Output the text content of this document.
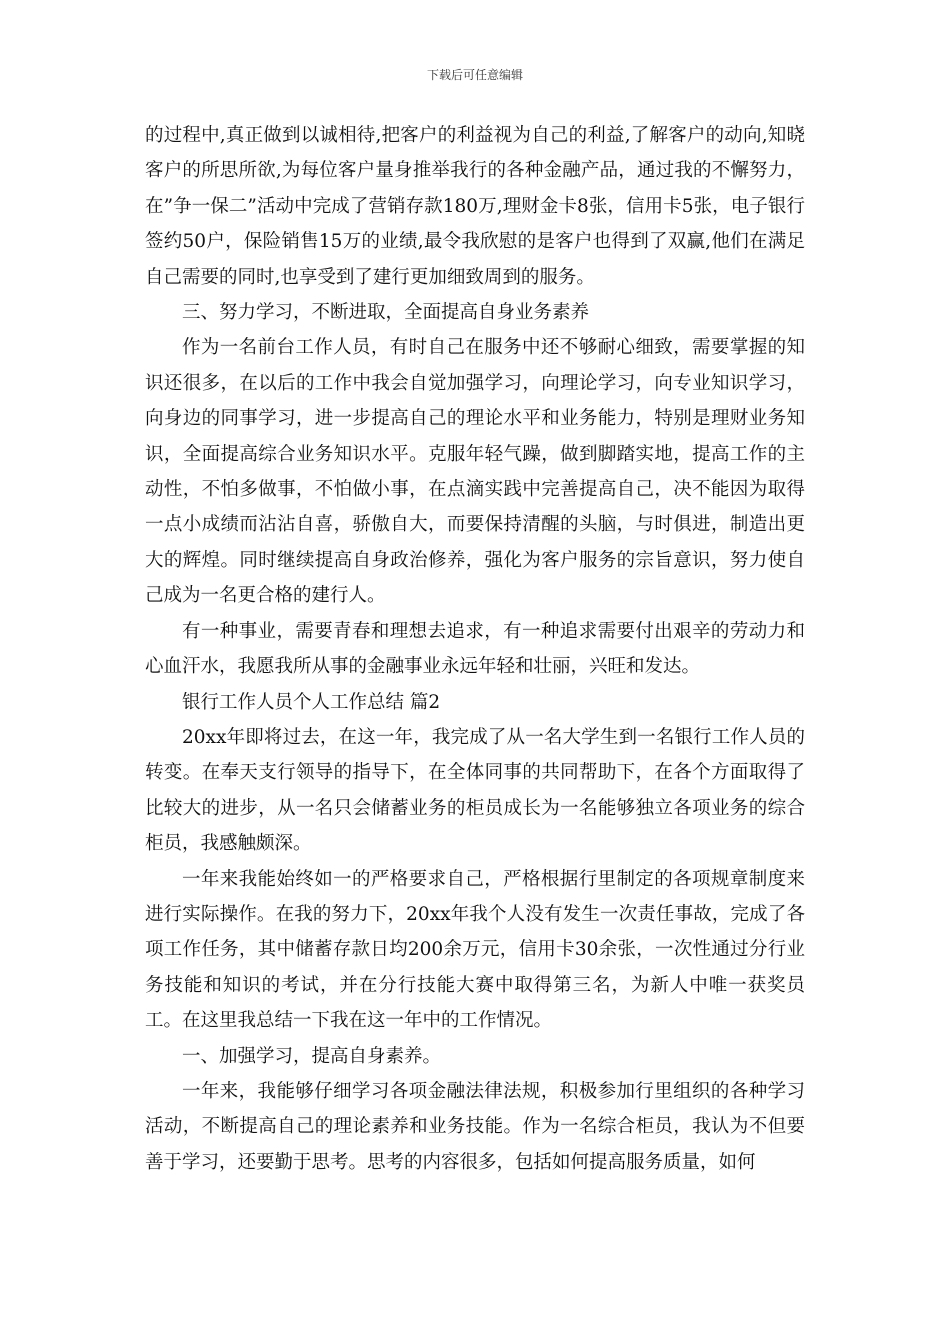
下载后可任意编辑

的过程中,真正做到以诚相待,把客户的利益视为自己的利益,了解客户的动向,知晓客户的所思所欲,为每位客户量身推举我行的各种金融产品，通过我的不懈努力，在”争一保二”活动中完成了营销存款180万,理财金卡8张，信用卡5张，电子银行签约50户，保险销售15万的业绩,最令我欣慰的是客户也得到了双赢,他们在满足自己需要的同时,也享受到了建行更加细致周到的服务。

三、努力学习，不断进取，全面提高自身业务素养

作为一名前台工作人员，有时自己在服务中还不够耐心细致，需要掌握的知识还很多，在以后的工作中我会自觉加强学习，向理论学习，向专业知识学习，向身边的同事学习，进一步提高自己的理论水平和业务能力，特别是理财业务知识，全面提高综合业务知识水平。克服年轻气躁，做到脚踏实地，提高工作的主动性，不怕多做事，不怕做小事，在点滴实践中完善提高自己，决不能因为取得一点小成绩而沾沾自喜，骄傲自大，而要保持清醒的头脑，与时俱进，制造出更大的辉煌。同时继续提高自身政治修养，强化为客户服务的宗旨意识，努力使自己成为一名更合格的建行人。

有一种事业，需要青春和理想去追求，有一种追求需要付出艰辛的劳动力和心血汗水，我愿我所从事的金融事业永远年轻和壮丽，兴旺和发达。

银行工作人员个人工作总结 篇2

20xx年即将过去，在这一年，我完成了从一名大学生到一名银行工作人员的转变。在奉天支行领导的指导下，在全体同事的共同帮助下，在各个方面取得了比较大的进步，从一名只会储蓄业务的柜员成长为一名能够独立各项业务的综合柜员，我感触颇深。

一年来我能始终如一的严格要求自己，严格根据行里制定的各项规章制度来进行实际操作。在我的努力下，20xx年我个人没有发生一次责任事故，完成了各项工作任务，其中储蓄存款日均200余万元，信用卡30余张，一次性通过分行业务技能和知识的考试，并在分行技能大赛中取得第三名，为新人中唯一获奖员工。在这里我总结一下我在这一年中的工作情况。

一、加强学习，提高自身素养。

一年来，我能够仔细学习各项金融法律法规，积极参加行里组织的各种学习活动，不断提高自己的理论素养和业务技能。作为一名综合柜员，我认为不但要善于学习，还要勤于思考。思考的内容很多，包括如何提高服务质量，如何
